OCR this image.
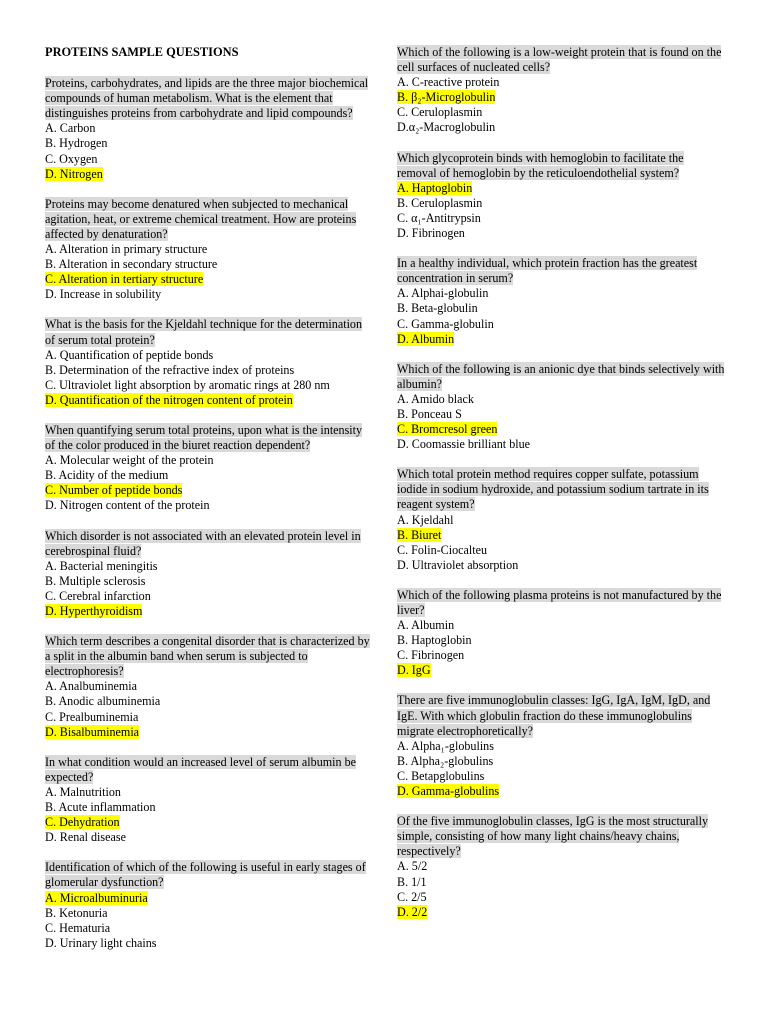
PROTEINS SAMPLE QUESTIONS
Proteins, carbohydrates, and lipids are the three major biochemical compounds of human metabolism. What is the element that distinguishes proteins from carbohydrate and lipid compounds?
A. Carbon
B. Hydrogen
C. Oxygen
D. Nitrogen
Proteins may become denatured when subjected to mechanical agitation, heat, or extreme chemical treatment. How are proteins affected by denaturation?
A. Alteration in primary structure
B. Alteration in secondary structure
C. Alteration in tertiary structure
D. Increase in solubility
What is the basis for the Kjeldahl technique for the determination of serum total protein?
A. Quantification of peptide bonds
B. Determination of the refractive index of proteins
C. Ultraviolet light absorption by aromatic rings at 280 nm
D. Quantification of the nitrogen content of protein
When quantifying serum total proteins, upon what is the intensity of the color produced in the biuret reaction dependent?
A. Molecular weight of the protein
B. Acidity of the medium
C. Number of peptide bonds
D. Nitrogen content of the protein
Which disorder is not associated with an elevated protein level in cerebrospinal fluid?
A. Bacterial meningitis
B. Multiple sclerosis
C. Cerebral infarction
D. Hyperthyroidism
Which term describes a congenital disorder that is characterized by a split in the albumin band when serum is subjected to electrophoresis?
A. Analbuminemia
B. Anodic albuminemia
C. Prealbuminemia
D. Bisalbuminemia
In what condition would an increased level of serum albumin be expected?
A. Malnutrition
B. Acute inflammation
C. Dehydration
D. Renal disease
Identification of which of the following is useful in early stages of glomerular dysfunction?
A. Microalbuminuria
B. Ketonuria
C. Hematuria
D. Urinary light chains
Which of the following is a low-weight protein that is found on the cell surfaces of nucleated cells?
A. C-reactive protein
B. β₂-Microglobulin
C. Ceruloplasmin
D.α₂-Macroglobulin
Which glycoprotein binds with hemoglobin to facilitate the removal of hemoglobin by the reticuloendothelial system?
A. Haptoglobin
B. Ceruloplasmin
C. α₁-Antitrypsin
D. Fibrinogen
In a healthy individual, which protein fraction has the greatest concentration in serum?
A. Alphai-globulin
B. Beta-globulin
C. Gamma-globulin
D. Albumin
Which of the following is an anionic dye that binds selectively with albumin?
A. Amido black
B. Ponceau S
C. Bromcresol green
D. Coomassie brilliant blue
Which total protein method requires copper sulfate, potassium iodide in sodium hydroxide, and potassium sodium tartrate in its reagent system?
A. Kjeldahl
B. Biuret
C. Folin-Ciocalteu
D. Ultraviolet absorption
Which of the following plasma proteins is not manufactured by the liver?
A. Albumin
B. Haptoglobin
C. Fibrinogen
D. IgG
There are five immunoglobulin classes: IgG, IgA, IgM, IgD, and IgE. With which globulin fraction do these immunoglobulins migrate electrophoretically?
A. Alpha₁-globulins
B. Alpha₂-globulins
C. Betapglobulins
D. Gamma-globulins
Of the five immunoglobulin classes, IgG is the most structurally simple, consisting of how many light chains/heavy chains, respectively?
A. 5/2
B. 1/1
C. 2/5
D. 2/2
